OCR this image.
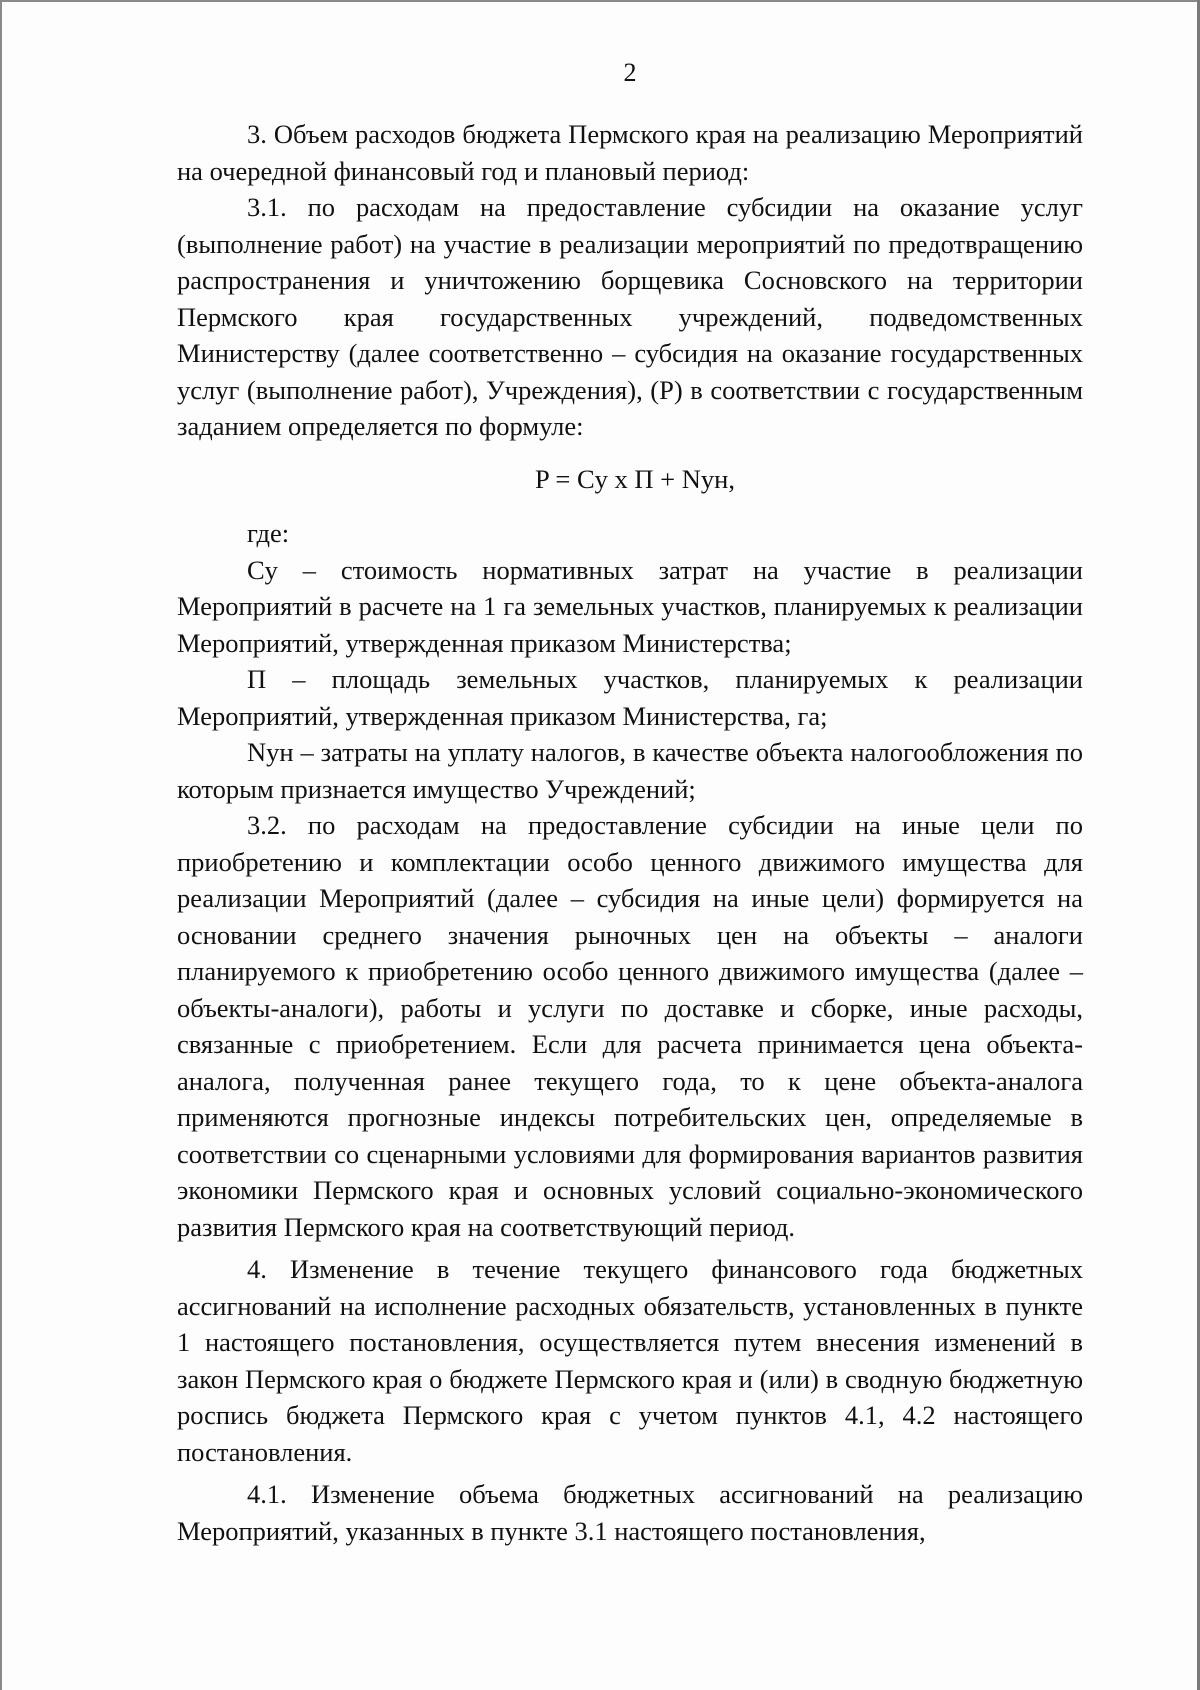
2

3. Объем расходов бюджета Пермского края на реализацию Мероприятий на очередной финансовый год и плановый период:

3.1. по расходам на предоставление субсидии на оказание услуг (выполнение работ) на участие в реализации мероприятий по предотвращению распространения и уничтожению борщевика Сосновского на территории Пермского края государственных учреждений, подведомственных Министерству (далее соответственно – субсидия на оказание государственных услуг (выполнение работ), Учреждения), (P) в соответствии с государственным заданием определяется по формуле:

P = Cy x П + Nун,

где:

Cy – стоимость нормативных затрат на участие в реализации Мероприятий в расчете на 1 га земельных участков, планируемых к реализации Мероприятий, утвержденная приказом Министерства;

П – площадь земельных участков, планируемых к реализации Мероприятий, утвержденная приказом Министерства, га;

Nун – затраты на уплату налогов, в качестве объекта налогообложения по которым признается имущество Учреждений;

3.2. по расходам на предоставление субсидии на иные цели по приобретению и комплектации особо ценного движимого имущества для реализации Мероприятий (далее – субсидия на иные цели) формируется на основании среднего значения рыночных цен на объекты – аналоги планируемого к приобретению особо ценного движимого имущества (далее – объекты-аналоги), работы и услуги по доставке и сборке, иные расходы, связанные с приобретением. Если для расчета принимается цена объекта-аналога, полученная ранее текущего года, то к цене объекта-аналога применяются прогнозные индексы потребительских цен, определяемые в соответствии со сценарными условиями для формирования вариантов развития экономики Пермского края и основных условий социально-экономического развития Пермского края на соответствующий период.

4. Изменение в течение текущего финансового года бюджетных ассигнований на исполнение расходных обязательств, установленных в пункте 1 настоящего постановления, осуществляется путем внесения изменений в закон Пермского края о бюджете Пермского края и (или) в сводную бюджетную роспись бюджета Пермского края с учетом пунктов 4.1, 4.2 настоящего постановления.

4.1. Изменение объема бюджетных ассигнований на реализацию Мероприятий, указанных в пункте 3.1 настоящего постановления,
